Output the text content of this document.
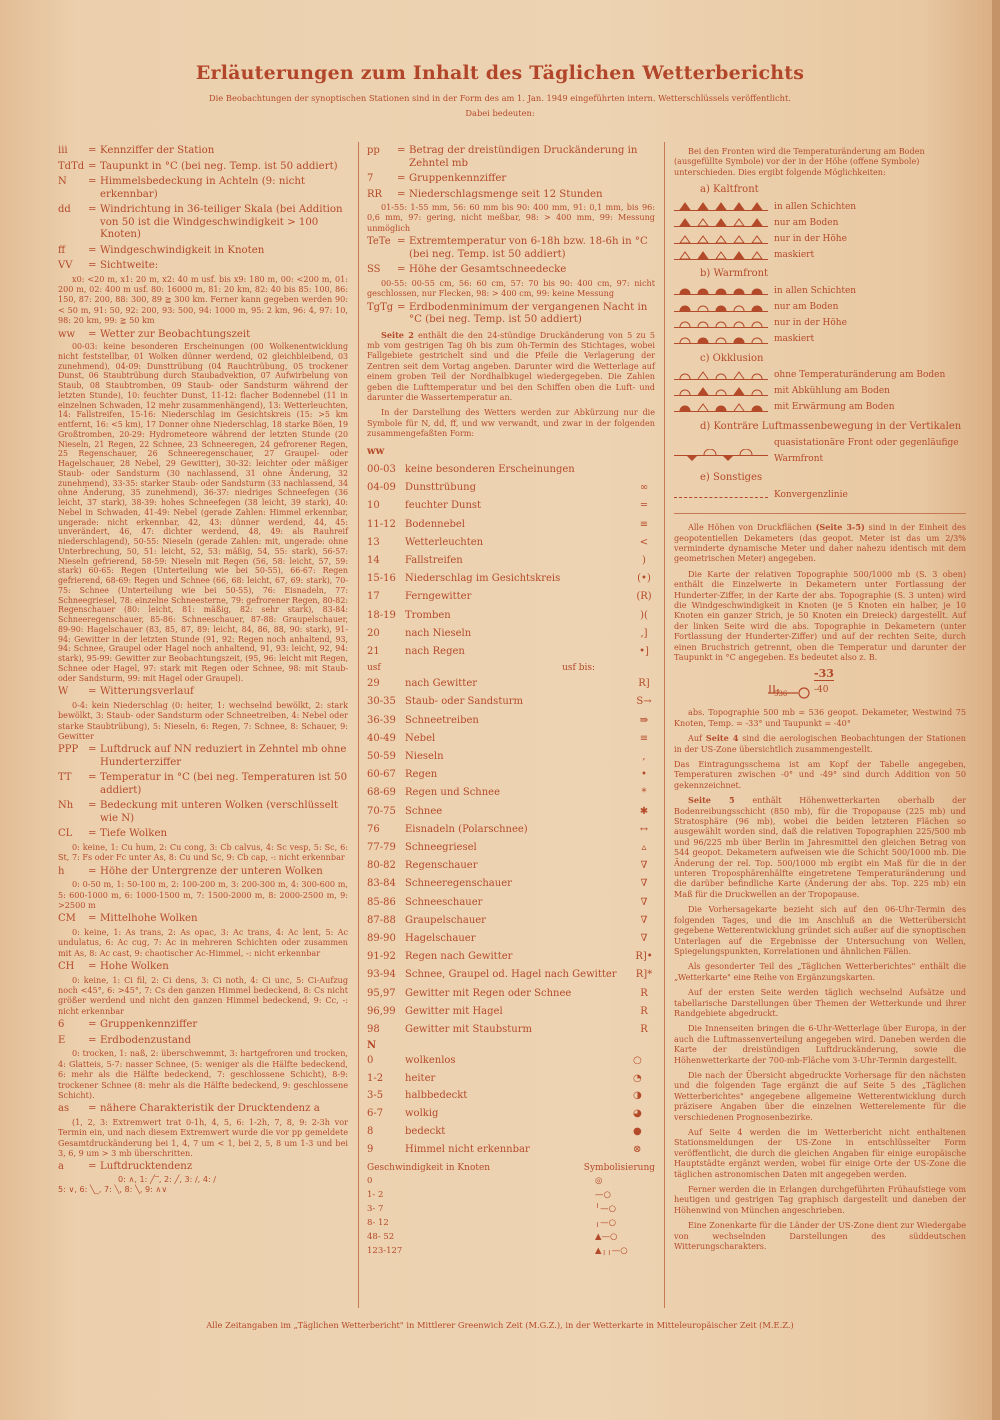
Erläuterungen zum Inhalt des Täglichen Wetterberichts
Die Beobachtungen der synoptischen Stationen sind in der Form des am 1. Jan. 1949 eingeführten intern. Wetterschlüssels veröffentlicht.
Dabei bedeuten:
iii	= Kennziffer der Station
TdTd = Taupunkt in °C (bei neg. Temp. ist 50 addiert)
N	= Himmelsbedeckung in Achteln (9: nicht erkennbar)
dd	= Windrichtung in 36-teiliger Skala (bei Addition von 50 ist die Windgeschwindigkeit > 100 Knoten)
ff	= Windgeschwindigkeit in Knoten
VV	= Sichtweite:
x0: <20 m, x1: 20 m, x2: 40 m usf. bis x9: 180 m, 00: <200 m, 01: 200 m, 02: 400 m usf. 80: 16000 m, 81: 20 km, 82: 40 bis 85: 100, 86: 150, 87: 200, 88: 300, 89 ≧ 300 km. Ferner kann gegeben werden 90: < 50 m, 91: 50, 92: 200, 93: 500, 94: 1000 m, 95: 2 km, 96: 4, 97: 10, 98: 20 km, 99: ≧ 50 km
ww	= Wetter zur Beobachtungszeit
00-03: keine besonderen Erscheinungen (00 Wolkenentwicklung nicht feststellbar, 01 Wolken dünner werdend, 02 gleichbleibend, 03 zunehmend), 04-09: Dunsttrübung (04 Rauchtrübung, 05 trockener Dunst, 06 Staubtrübung durch Staubadvektion, 07 Aufwirbelung von Staub, 08 Staubtromben, 09 Staub- oder Sandsturm während der letzten Stunde), 10: feuchter Dunst, 11-12: flacher Bodennebel (11 in einzelnen Schwaden, 12 mehr zusammenhängend), 13: Wetterleuchten, 14: Fallstreifen, 15-16: Niederschlag im Gesichtskreis (15: >5 km entfernt, 16: <5 km), 17 Donner ohne Niederschlag, 18 starke Böen, 19 Großtromben, 20-29: Hydrometeore während der letzten Stunde (20 Nieseln, 21 Regen, 22 Schnee, 23 Schneeregen, 24 gefrorener Regen, 25 Regenschauer, 26 Schneeregenschauer, 27 Graupel- oder Hagelschauer, 28 Nebel, 29 Gewitter), 30-32: leichter oder mäßiger Staub- oder Sandsturm (30 nachlassend, 31 ohne Änderung, 32 zunehmend), 33-35: starker Staub- oder Sandsturm (33 nachlassend, 34 ohne Änderung, 35 zunehmend), 36-37: niedriges Schneefegen (36 leicht, 37 stark), 38-39: hohes Schneefegen (38 leicht, 39 stark), 40: Nebel in Schwaden, 41-49: Nebel (gerade Zahlen: Himmel erkennbar, ungerade: nicht erkennbar, 42, 43: dünner werdend, 44, 45: unverändert, 46, 47: dichter werdend, 48, 49: als Rauhreif niederschlagend), 50-55: Nieseln (gerade Zahlen: mit, ungerade: ohne Unterbrechung, 50, 51: leicht, 52, 53: mäßig, 54, 55: stark), 56-57: Nieseln gefrierend, 58-59: Nieseln mit Regen (56, 58: leicht, 57, 59: stark) 60-65: Regen (Unterteilung wie bei 50-55), 66-67: Regen gefrierend, 68-69: Regen und Schnee (66, 68: leicht, 67, 69: stark), 70-75: Schnee (Unterteilung wie bei 50-55), 76: Eisnadeln, 77: Schneegriesel, 78: einzelne Schneesterne, 79: gefrorener Regen, 80-82: Regenschauer (80: leicht, 81: mäßig, 82: sehr stark), 83-84: Schneeregenschauer, 85-86: Schneeschauer, 87-88: Graupelschauer, 89-90: Hagelschauer (83, 85, 87, 89: leicht, 84, 86, 88, 90: stark), 91-94: Gewitter in der letzten Stunde (91, 92: Regen noch anhaltend, 93, 94: Schnee, Graupel oder Hagel noch anhaltend, 91, 93: leicht, 92, 94: stark), 95-99: Gewitter zur Beobachtungszeit, (95, 96: leicht mit Regen, Schnee oder Hagel, 97: stark mit Regen oder Schnee, 98: mit Staub- oder Sandsturm, 99: mit Hagel oder Graupel).
W	= Witterungsverlauf
0-4: kein Niederschlag (0: heiter, 1: wechselnd bewölkt, 2: stark bewölkt, 3: Staub- oder Sandsturm oder Schneetreiben, 4: Nebel oder starke Staubtrübung), 5: Nieseln, 6: Regen, 7: Schnee, 8: Schauer, 9: Gewitter
PPP = Luftdruck auf NN reduziert in Zehntel mb ohne Hunderterziffer
TT	= Temperatur in °C (bei neg. Temperaturen ist 50 addiert)
Nh	= Bedeckung mit unteren Wolken (verschlüsselt wie N)
CL	= Tiefe Wolken
0: keine, 1: Cu hum, 2: Cu cong, 3: Cb calvus, 4: Sc vesp, 5: Sc, 6: St, 7: Fs oder Fc unter As, 8: Cu und Sc, 9: Cb cap, -: nicht erkennbar
h	= Höhe der Untergrenze der unteren Wolken
0: 0-50 m, 1: 50-100 m, 2: 100-200 m, 3: 200-300 m, 4: 300-600 m, 5: 600-1000 m, 6: 1000-1500 m, 7: 1500-2000 m, 8: 2000-2500 m, 9: >2500 m
CM	= Mittelhohe Wolken
0: keine, 1: As trans, 2: As opac, 3: Ac trans, 4: Ac lent, 5: Ac undulatus, 6: Ac cug, 7: Ac in mehreren Schichten oder zusammen mit As, 8: Ac cast, 9: chaotischer Ac-Himmel, -: nicht erkennbar
CH	= Hohe Wolken
0: keine, 1: Ci fil, 2: Ci dens, 3: Ci noth, 4: Ci unc, 5: Ci-Aufzug noch <45°, 6: >45°, 7: Cs den ganzen Himmel bedeckend, 8: Cs nicht größer werdend und nicht den ganzen Himmel bedeckend, 9: Cc, -: nicht erkennbar
6	= Gruppenkennziffer
E	= Erdbodenzustand
0: trocken, 1: naß, 2: überschwemmt, 3: hartgefroren und trocken, 4: Glatteis, 5-7: nasser Schnee, (5: weniger als die Hälfte bedeckend, 6: mehr als die Hälfte bedeckend, 7: geschlossene Schicht), 8-9: trockener Schnee (8: mehr als die Hälfte bedeckend, 9: geschlossene Schicht).
as	= nähere Charakteristik der Drucktendenz a
(1, 2, 3: Extremwert trat 0-1h, 4, 5, 6: 1-2h, 7, 8, 9: 2-3h vor Termin ein, und nach diesem Extremwert wurde die vor pp gemeldete Gesamtdruckänderung bei 1, 4, 7 um < 1, bei 2, 5, 8 um 1-3 und bei 3, 6, 9 um > 3 mb überschritten.
a	= Luftdrucktendenz
0: ∧, 1: ╱‾, 2: ╱, 3: ∕, 4: ∕
5: ∨, 6: ╲_, 7: ╲, 8: ╲, 9: ∧∨
pp	= Betrag der dreistündigen Druckänderung in Zehntel mb
7	= Gruppenkennziffer
RR	= Niederschlagsmenge seit 12 Stunden
01-55: 1-55 mm, 56: 60 mm bis 90: 400 mm, 91: 0,1 mm, bis 96: 0,6 mm, 97: gering, nicht meßbar, 98: > 400 mm, 99: Messung unmöglich
TeTe = Extremtemperatur von 6-18h bzw. 18-6h in °C (bei neg. Temp. ist 50 addiert)
SS	= Höhe der Gesamtschneedecke
00-55: 00-55 cm, 56: 60 cm, 57: 70 bis 90: 400 cm, 97: nicht geschlossen, nur Flecken, 98: > 400 cm, 99: keine Messung
TgTg = Erdbodenminimum der vergangenen Nacht in °C (bei neg. Temp. ist 50 addiert)
Seite 2 enthält die den 24-stündige Druckänderung von 5 zu 5 mb vom gestrigen Tag 0h bis zum 0h-Termin des Stichtages, wobei Fallgebiete gestrichelt sind und die Pfeile die Verlagerung der Zentren seit dem Vortag angeben. Darunter wird die Wetterlage auf einem groben Teil der Nordhalbkugel wiedergegeben. Die Zahlen geben die Lufttemperatur und bei den Schiffen oben die Luft- und darunter die Wassertemperatur an.
In der Darstellung des Wetters werden zur Abkürzung nur die Symbole für N, dd, ff, und ww verwandt, und zwar in der folgenden zusammengefaßten Form:
ww
00-03 keine besonderen Erscheinungen
04-09 Dunsttrübung	∞
10	feuchter Dunst	=
11-12 Bodennebel	≡
13	Wetterleuchten	<
14	Fallstreifen	)
15-16 Niederschlag im Gesichtskreis	(•)
17	Ferngewitter	(R)
18-19 Tromben	)(
20	nach Nieseln	,]
21	nach Regen	•]
usf	usf bis:
29	nach Gewitter	R]
30-35 Staub- oder Sandsturm	S→
36-39 Schneetreiben	⇛
40-49 Nebel	≡
50-59 Nieseln	,
60-67 Regen	•
68-69 Regen und Schnee	*
70-75 Schnee	✱
76	Eisnadeln (Polarschnee)	↔
77-79 Schneegriesel	▵
80-82 Regenschauer	∇
83-84 Schneeregenschauer	∇
85-86 Schneeschauer	∇
87-88 Graupelschauer	∇
89-90 Hagelschauer	∇
91-92 Regen nach Gewitter	R]•
93-94 Schnee, Graupel od. Hagel nach Gewitter	R]*
95,97 Gewitter mit Regen oder Schnee	R
96,99 Gewitter mit Hagel	R
98	Gewitter mit Staubsturm	R
N
0	wolkenlos	○
1-2	heiter	◔
3-5	halbbedeckt	◑
6-7	wolkig	◕
8	bedeckt	●
9	Himmel nicht erkennbar	⊗
Geschwindigkeit in Knoten	Symbolisierung
0	◎
1- 2	—○
3- 7	╵—○
8- 12	╷—○
48- 52	▲—○
123-127	▲╷╷—○
Bei den Fronten wird die Temperaturänderung am Boden (ausgefüllte Symbole) vor der in der Höhe (offene Symbole) unterschieden. Dies ergibt folgende Möglichkeiten:
a) Kaltfront
in allen Schichten
nur am Boden
nur in der Höhe
maskiert
b) Warmfront
in allen Schichten
nur am Boden
nur in der Höhe
maskiert
c) Okklusion
ohne Temperaturänderung am Boden
mit Abkühlung am Boden
mit Erwärmung am Boden
d) Konträre Luftmassenbewegung in der Vertikalen
quasistationäre Front oder gegenläufige Warmfront
e) Sonstiges
Konvergenzlinie
Alle Höhen von Druckflächen (Seite 3-5) sind in der Einheit des geopotentiellen Dekameters (das geopot. Meter ist das um 2/3% verminderte dynamische Meter und daher nahezu identisch mit dem geometrischen Meter) angegeben.
Die Karte der relativen Topographie 500/1000 mb (S. 3 oben) enthält die Einzelwerte in Dekametern unter Fortlassung der Hunderter-Ziffer, in der Karte der abs. Topographie (S. 3 unten) wird die Windgeschwindigkeit in Knoten (je 5 Knoten ein halber, je 10 Knoten ein ganzer Strich, je 50 Knoten ein Dreieck) dargestellt. Auf der linken Seite wird die abs. Topographie in Dekametern (unter Fortlassung der Hunderter-Ziffer) und auf der rechten Seite, durch einen Bruchstrich getrennt, oben die Temperatur und darunter der Taupunkt in °C angegeben. Es bedeutet also z. B.
536
-33
-40
abs. Topographie 500 mb = 536 geopot. Dekameter, Westwind 75 Knoten, Temp. = -33° und Taupunkt = -40°
Auf Seite 4 sind die aerologischen Beobachtungen der Stationen in der US-Zone übersichtlich zusammengestellt.
Das Eintragungsschema ist am Kopf der Tabelle angegeben, Temperaturen zwischen -0° und -49° sind durch Addition von 50 gekennzeichnet.
Seite 5 enthält Höhenwetterkarten oberhalb der Bodenreibungsschicht (850 mb), für die Tropopause (225 mb) und Stratosphäre (96 mb), wobei die beiden letzteren Flächen so ausgewählt worden sind, daß die relativen Topographien 225/500 mb und 96/225 mb über Berlin im Jahresmittel den gleichen Betrag von 544 geopot. Dekametern aufweisen wie die Schicht 500/1000 mb. Die Änderung der rel. Top. 500/1000 mb ergibt ein Maß für die in der unteren Troposphärenhälfte eingetretene Temperaturänderung und die darüber befindliche Karte (Änderung der abs. Top. 225 mb) ein Maß für die Druckwellen an der Tropopause.
Die Vorhersagekarte bezieht sich auf den 06-Uhr-Termin des folgenden Tages, und die im Anschluß an die Wetterübersicht gegebene Wetterentwicklung gründet sich außer auf die synoptischen Unterlagen auf die Ergebnisse der Untersuchung von Wellen, Spiegelungspunkten, Korrelationen und ähnlichen Fällen.
Als gesonderter Teil des „Täglichen Wetterberichtes" enthält die „Wetterkarte" eine Reihe von Ergänzungskarten.
Auf der ersten Seite werden täglich wechselnd Aufsätze und tabellarische Darstellungen über Themen der Wetterkunde und ihrer Randgebiete abgedruckt.
Die Innenseiten bringen die 6-Uhr-Wetterlage über Europa, in der auch die Luftmassenverteilung angegeben wird. Daneben werden die Karte der dreistündigen Luftdruckänderung, sowie die Höhenwetterkarte der 700-mb-Fläche vom 3-Uhr-Termin dargestellt.
Die nach der Übersicht abgedruckte Vorhersage für den nächsten und die folgenden Tage ergänzt die auf Seite 5 des „Täglichen Wetterberichtes" angegebene allgemeine Wetterentwicklung durch präzisere Angaben über die einzelnen Wetterelemente für die verschiedenen Prognosenbezirke.
Auf Seite 4 werden die im Wetterbericht nicht enthaltenen Stationsmeldungen der US-Zone in entschlüsselter Form veröffentlicht, die durch die gleichen Angaben für einige europäische Hauptstädte ergänzt werden, wobei für einige Orte der US-Zone die täglichen astronomischen Daten mit angegeben werden.
Ferner werden die in Erlangen durchgeführten Frühaufstiege vom heutigen und gestrigen Tag graphisch dargestellt und daneben der Höhenwind von München angeschrieben.
Eine Zonenkarte für die Länder der US-Zone dient zur Wiedergabe von wechselnden Darstellungen des süddeutschen Witterungscharakters.
Alle Zeitangaben im „Täglichen Wetterbericht" in Mittlerer Greenwich Zeit (M.G.Z.), in der Wetterkarte in Mitteleuropäischer Zeit (M.E.Z.)
